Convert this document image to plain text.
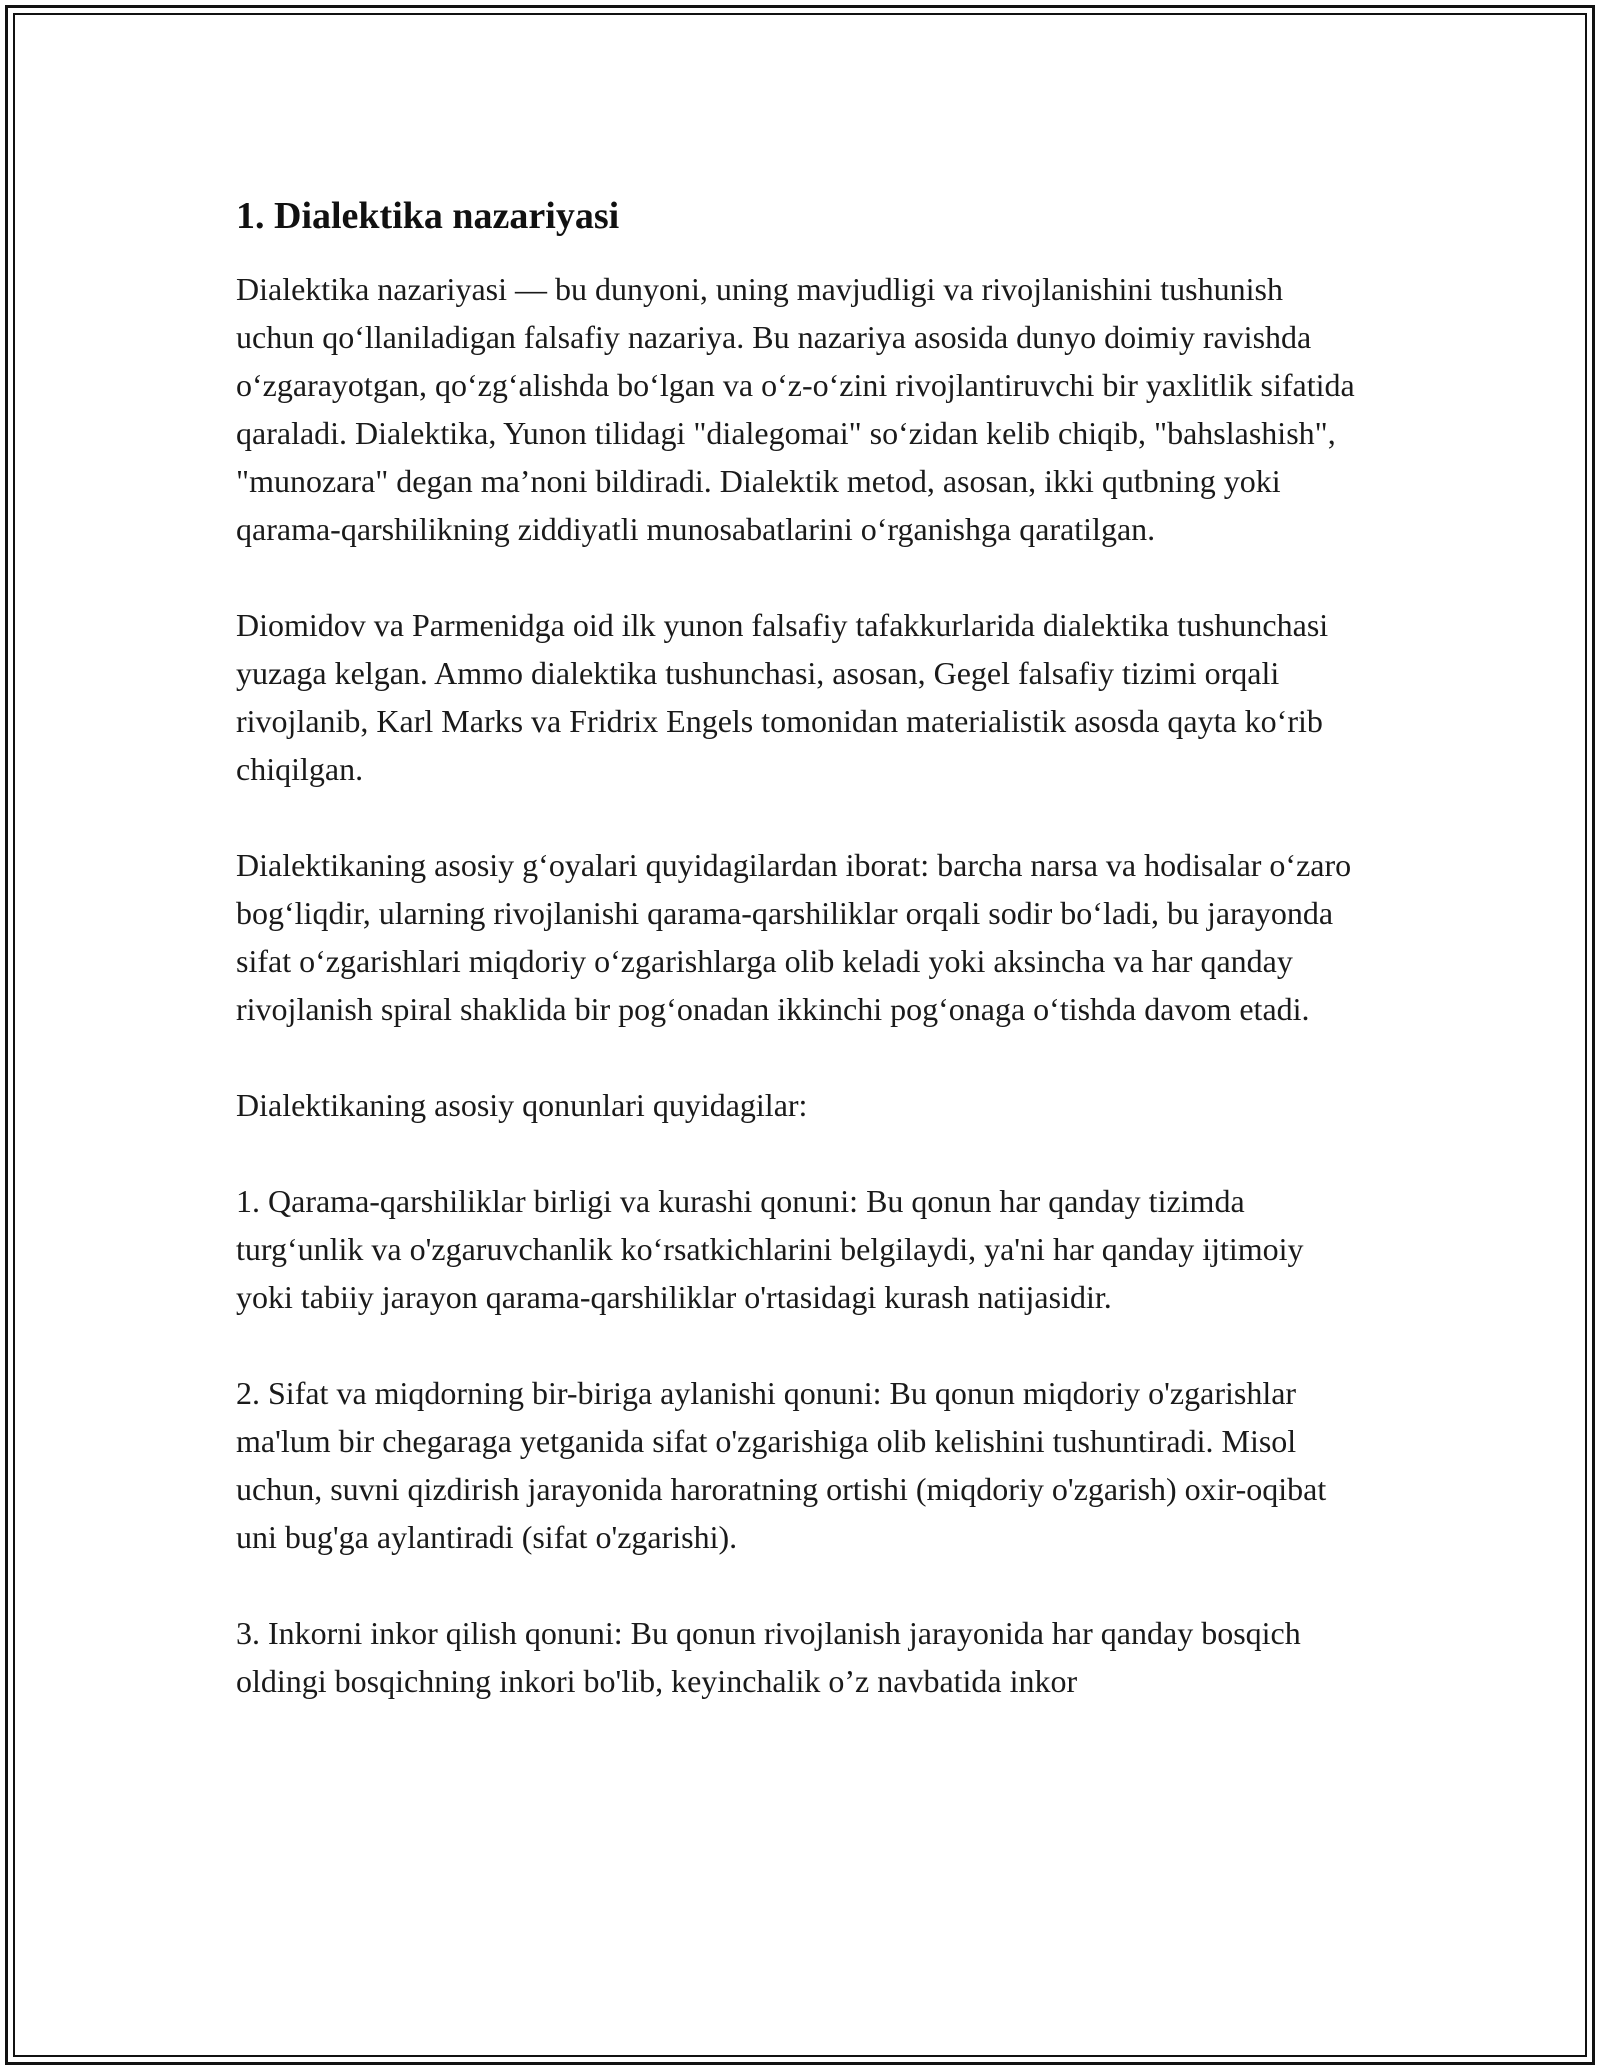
1. Dialektika nazariyasi

Dialektika nazariyasi — bu dunyoni, uning mavjudligi va rivojlanishini tushunish uchun qo‘llaniladigan falsafiy nazariya. Bu nazariya asosida dunyo doimiy ravishda o‘zgarayotgan, qo‘zg‘alishda bo‘lgan va o‘z-o‘zini rivojlantiruvchi bir yaxlitlik sifatida qaraladi. Dialektika, Yunon tilidagi "dialegomai" so‘zidan kelib chiqib, "bahslashish", "munozara" degan ma’noni bildiradi. Dialektik metod, asosan, ikki qutbning yoki qarama-qarshilikning ziddiyatli munosabatlarini o‘rganishga qaratilgan.

Diomidov va Parmenidga oid ilk yunon falsafiy tafakkurlarida dialektika tushunchasi yuzaga kelgan. Ammo dialektika tushunchasi, asosan, Gegel falsafiy tizimi orqali rivojlanib, Karl Marks va Fridrix Engels tomonidan materialistik asosda qayta ko‘rib chiqilgan.

Dialektikaning asosiy g‘oyalari quyidagilardan iborat: barcha narsa va hodisalar o‘zaro bog‘liqdir, ularning rivojlanishi qarama-qarshiliklar orqali sodir bo‘ladi, bu jarayonda sifat o‘zgarishlari miqdoriy o‘zgarishlarga olib keladi yoki aksincha va har qanday rivojlanish spiral shaklida bir pog‘onadan ikkinchi pog‘onaga o‘tishda davom etadi.

Dialektikaning asosiy qonunlari quyidagilar:

1. Qarama-qarshiliklar birligi va kurashi qonuni: Bu qonun har qanday tizimda turg‘unlik va o'zgaruvchanlik ko‘rsatkichlarini belgilaydi, ya'ni har qanday ijtimoiy yoki tabiiy jarayon qarama-qarshiliklar o'rtasidagi kurash natijasidir.

2. Sifat va miqdorning bir-biriga aylanishi qonuni: Bu qonun miqdoriy o'zgarishlar ma'lum bir chegaraga yetganida sifat o'zgarishiga olib kelishini tushuntiradi. Misol uchun, suvni qizdirish jarayonida haroratning ortishi (miqdoriy o'zgarish) oxir-oqibat uni bug'ga aylantiradi (sifat o'zgarishi).

3. Inkorni inkor qilish qonuni: Bu qonun rivojlanish jarayonida har qanday bosqich oldingi bosqichning inkori bo'lib, keyinchalik o’z navbatida inkor
